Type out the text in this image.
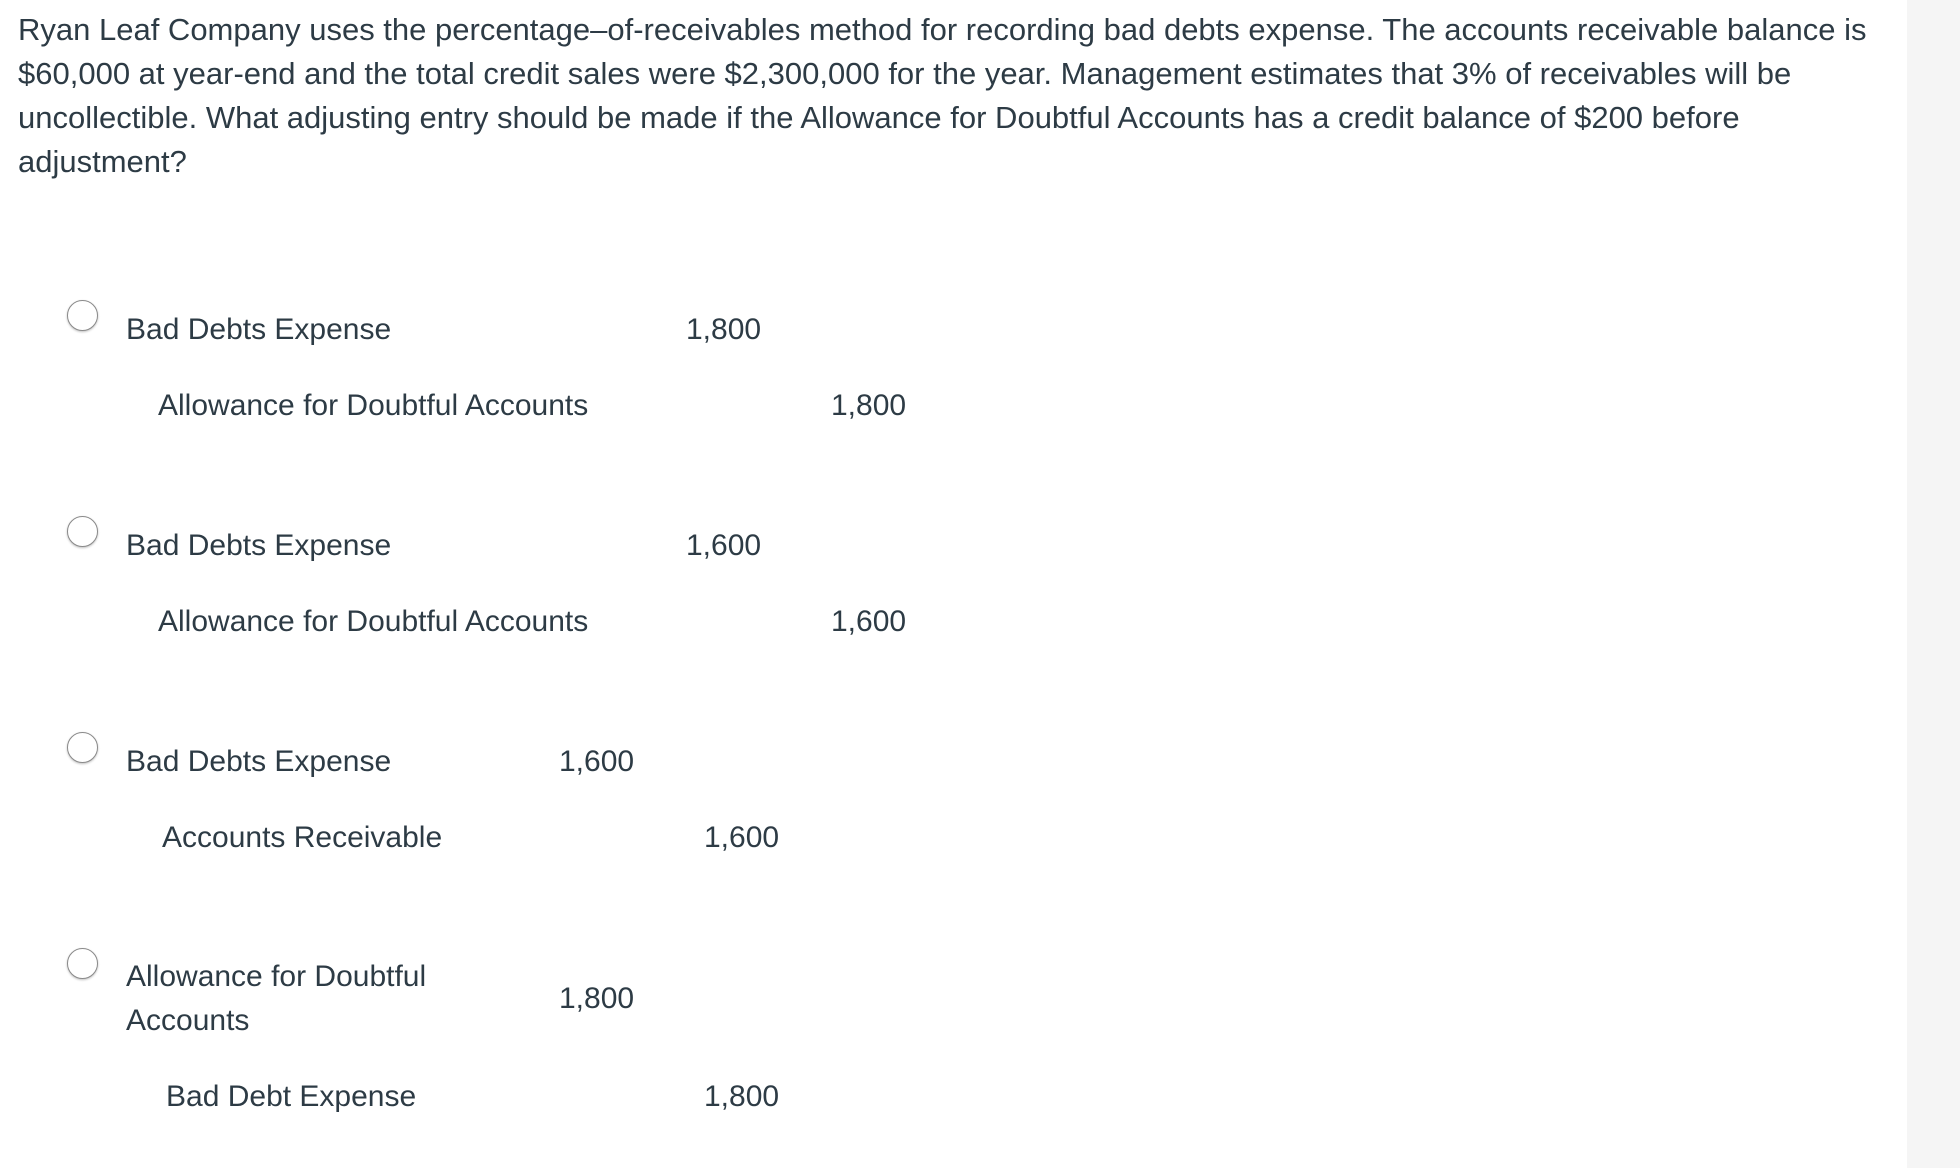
Ryan Leaf Company uses the percentage–of-receivables method for recording bad debts expense. The accounts receivable balance is $60,000 at year-end and the total credit sales were $2,300,000 for the year. Management estimates that 3% of receivables will be uncollectible. What adjusting entry should be made if the Allowance for Doubtful Accounts has a credit balance of $200 before adjustment?

Bad Debts Expense	1,800
Allowance for Doubtful Accounts	1,800
Bad Debts Expense	1,600
Allowance for Doubtful Accounts	1,600
Bad Debts Expense	1,600
Accounts Receivable	1,600
Allowance for Doubtful Accounts
1,800
Bad Debt Expense	1,800
